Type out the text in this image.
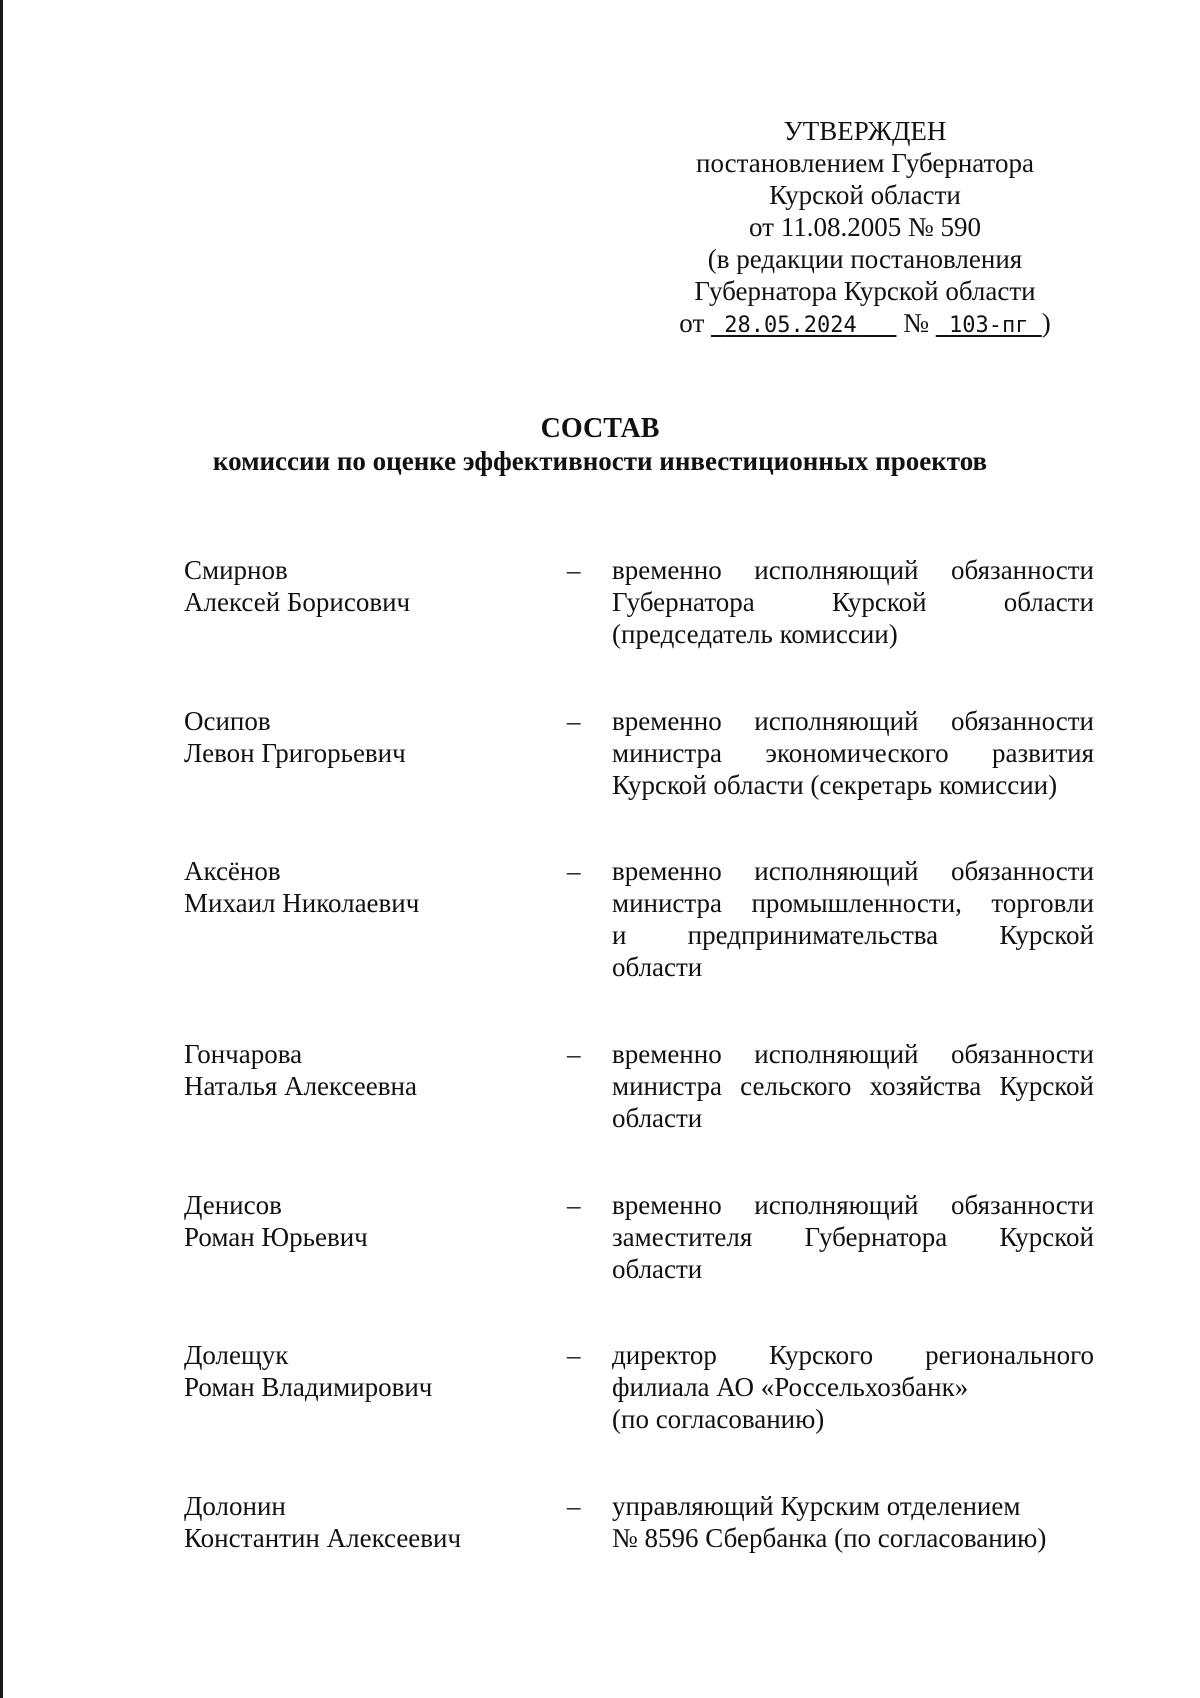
УТВЕРЖДЕН
постановлением Губернатора
Курской области
от 11.08.2005 № 590
(в редакции постановления
Губернатора Курской области
от 28.05.2024 № 103-пг )
СОСТАВ
комиссии по оценке эффективности инвестиционных проектов
Смирнов
Алексей Борисович
– временно исполняющий обязанности
Губернатора Курской области
(председатель комиссии)
Осипов
Левон Григорьевич
– временно исполняющий обязанности
министра экономического развития
Курской области (секретарь комиссии)
Аксёнов
Михаил Николаевич
– временно исполняющий обязанности
министра промышленности, торговли
и предпринимательства Курской
области
Гончарова
Наталья Алексеевна
– временно исполняющий обязанности
министра сельского хозяйства Курской
области
Денисов
Роман Юрьевич
– временно исполняющий обязанности
заместителя Губернатора Курской
области
Долещук
Роман Владимирович
– директор Курского регионального
филиала АО «Россельхозбанк»
(по согласованию)
Долонин
Константин Алексеевич
– управляющий Курским отделением
№ 8596 Сбербанка (по согласованию)
